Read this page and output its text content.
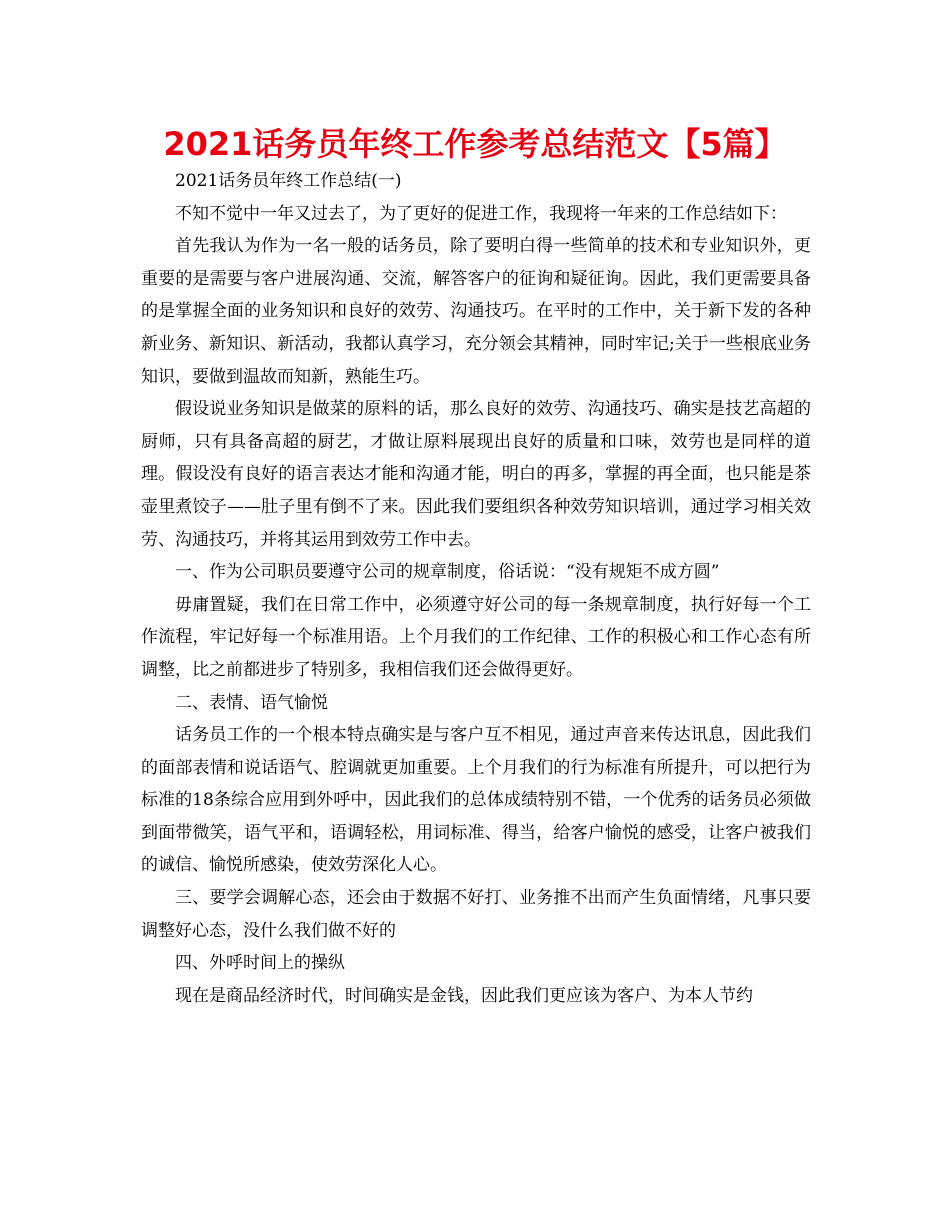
2021话务员年终工作参考总结范文【5篇】

2021话务员年终工作总结(一)

不知不觉中一年又过去了，为了更好的促进工作，我现将一年来的工作总结如下：

首先我认为作为一名一般的话务员，除了要明白得一些简单的技术和专业知识外，更重要的是需要与客户进展沟通、交流，解答客户的征询和疑征询。因此，我们更需要具备的是掌握全面的业务知识和良好的效劳、沟通技巧。在平时的工作中，关于新下发的各种新业务、新知识、新活动，我都认真学习，充分领会其精神，同时牢记;关于一些根底业务知识，要做到温故而知新，熟能生巧。

假设说业务知识是做菜的原料的话，那么良好的效劳、沟通技巧、确实是技艺高超的厨师，只有具备高超的厨艺，才做让原料展现出良好的质量和口味，效劳也是同样的道理。假设没有良好的语言表达才能和沟通才能，明白的再多，掌握的再全面，也只能是茶壶里煮饺子——肚子里有倒不了来。因此我们要组织各种效劳知识培训，通过学习相关效劳、沟通技巧，并将其运用到效劳工作中去。

一、作为公司职员要遵守公司的规章制度，俗话说：“没有规矩不成方圆”

毋庸置疑，我们在日常工作中，必须遵守好公司的每一条规章制度，执行好每一个工作流程，牢记好每一个标准用语。上个月我们的工作纪律、工作的积极心和工作心态有所调整，比之前都进步了特别多，我相信我们还会做得更好。

二、表情、语气愉悦

话务员工作的一个根本特点确实是与客户互不相见，通过声音来传达讯息，因此我们的面部表情和说话语气、腔调就更加重要。上个月我们的行为标准有所提升，可以把行为标准的18条综合应用到外呼中，因此我们的总体成绩特别不错，一个优秀的话务员必须做到面带微笑，语气平和，语调轻松，用词标准、得当，给客户愉悦的感受，让客户被我们的诚信、愉悦所感染，使效劳深化人心。

三、要学会调解心态，还会由于数据不好打、业务推不出而产生负面情绪，凡事只要调整好心态，没什么我们做不好的

四、外呼时间上的操纵

现在是商品经济时代，时间确实是金钱，因此我们更应该为客户、为本人节约
